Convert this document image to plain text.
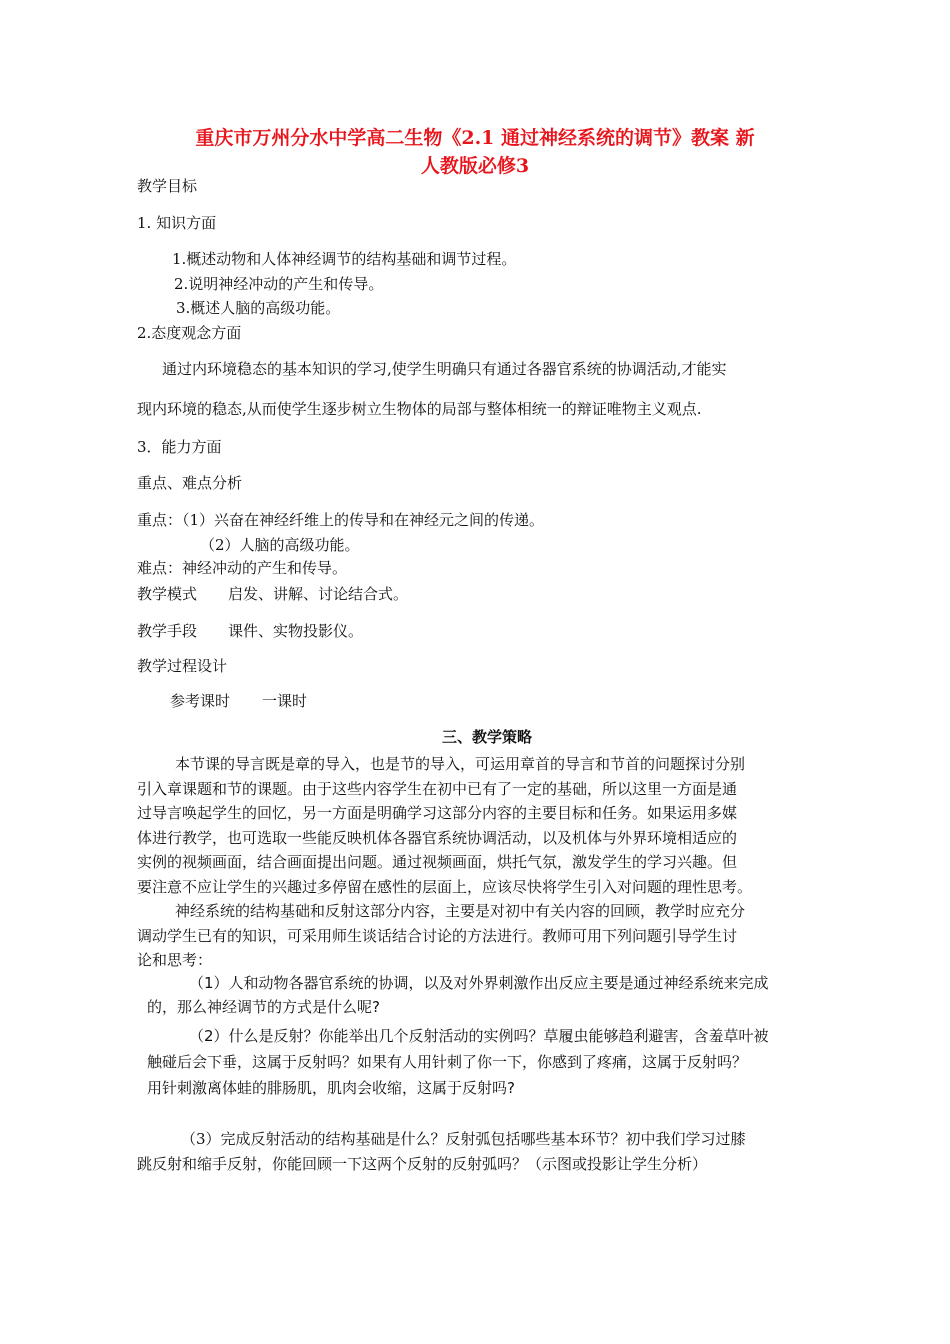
重庆市万州分水中学高二生物《2.1 通过神经系统的调节》教案 新
人教版必修3
教学目标
1. 知识方面
1.概述动物和人体神经调节的结构基础和调节过程。
2.说明神经冲动的产生和传导。
3.概述人脑的高级功能。
2.态度观念方面
通过内环境稳态的基本知识的学习,使学生明确只有通过各器官系统的协调活动,才能实
现内环境的稳态,从而使学生逐步树立生物体的局部与整体相统一的辩证唯物主义观点.
3．能力方面
重点、难点分析
重点：（1）兴奋在神经纤维上的传导和在神经元之间的传递。
（2）人脑的高级功能。
难点：神经冲动的产生和传导。
教学模式 启发、讲解、讨论结合式。
教学手段 课件、实物投影仪。
教学过程设计
参考课时 一课时
三、教学策略
本节课的导言既是章的导入，也是节的导入，可运用章首的导言和节首的问题探讨分别
引入章课题和节的课题。由于这些内容学生在初中已有了一定的基础，所以这里一方面是通
过导言唤起学生的回忆，另一方面是明确学习这部分内容的主要目标和任务。如果运用多媒
体进行教学，也可选取一些能反映机体各器官系统协调活动，以及机体与外界环境相适应的
实例的视频画面，结合画面提出问题。通过视频画面，烘托气氛，激发学生的学习兴趣。但
要注意不应让学生的兴趣过多停留在感性的层面上，应该尽快将学生引入对问题的理性思考。
神经系统的结构基础和反射这部分内容，主要是对初中有关内容的回顾，教学时应充分
调动学生已有的知识，可采用师生谈话结合讨论的方法进行。教师可用下列问题引导学生讨
论和思考：
（1）人和动物各器官系统的协调，以及对外界刺激作出反应主要是通过神经系统来完成
的，那么神经调节的方式是什么呢?
（2）什么是反射？你能举出几个反射活动的实例吗？草履虫能够趋利避害，含羞草叶被
触碰后会下垂，这属于反射吗？如果有人用针刺了你一下，你感到了疼痛，这属于反射吗？
用针刺激离体蛙的腓肠肌，肌肉会收缩，这属于反射吗?
（3）完成反射活动的结构基础是什么？反射弧包括哪些基本环节？初中我们学习过膝
跳反射和缩手反射，你能回顾一下这两个反射的反射弧吗？（示图或投影让学生分析）
